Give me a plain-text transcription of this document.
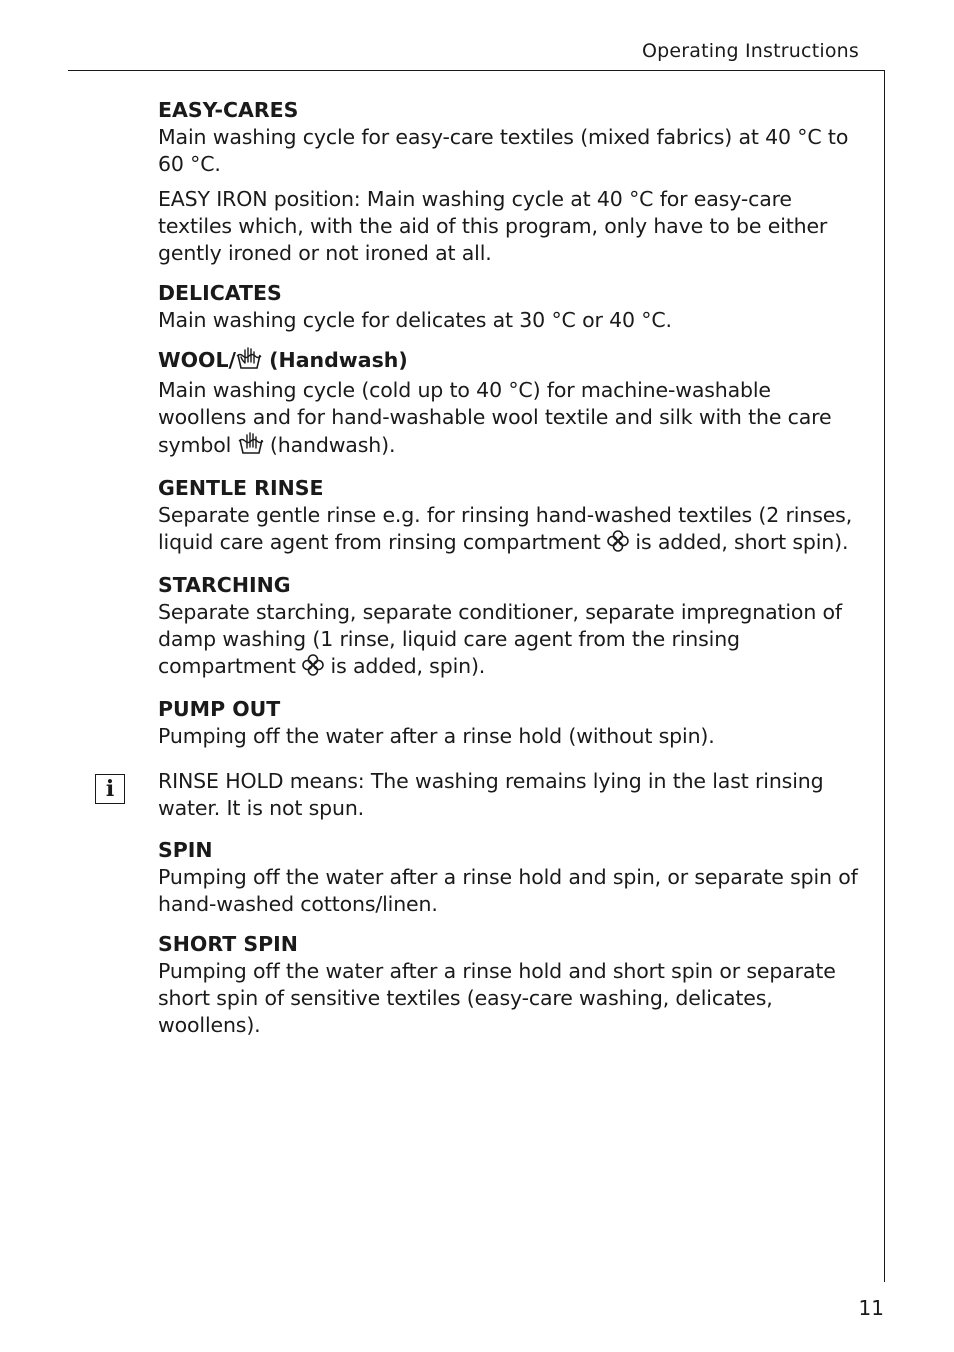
Operating Instructions
EASY-CARES

Main washing cycle for easy-care textiles (mixed fabrics) at 40 °C to 60 °C.

EASY IRON position: Main washing cycle at 40 °C for easy-care textiles which, with the aid of this program, only have to be either gently ironed or not ironed at all.

DELICATES

Main washing cycle for delicates at 30 °C or 40 °C.

WOOL/ (Handwash)

Main washing cycle (cold up to 40 °C) for machine-washable woollens and for hand-washable wool textile and silk with the care symbol  (handwash).

GENTLE RINSE

Separate gentle rinse e.g. for rinsing hand-washed textiles (2 rinses, liquid care agent from rinsing compartment  is added, short spin).

STARCHING

Separate starching, separate conditioner, separate impregnation of damp washing (1 rinse, liquid care agent from the rinsing compartment  is added, spin).

PUMP OUT

Pumping off the water after a rinse hold (without spin).

i	RINSE HOLD means: The washing remains lying in the last rinsing water. It is not spun.

SPIN

Pumping off the water after a rinse hold and spin, or separate spin of hand-washed cottons/linen.

SHORT SPIN

Pumping off the water after a rinse hold and short spin or separate short spin of sensitive textiles (easy-care washing, delicates, woollens).

11
